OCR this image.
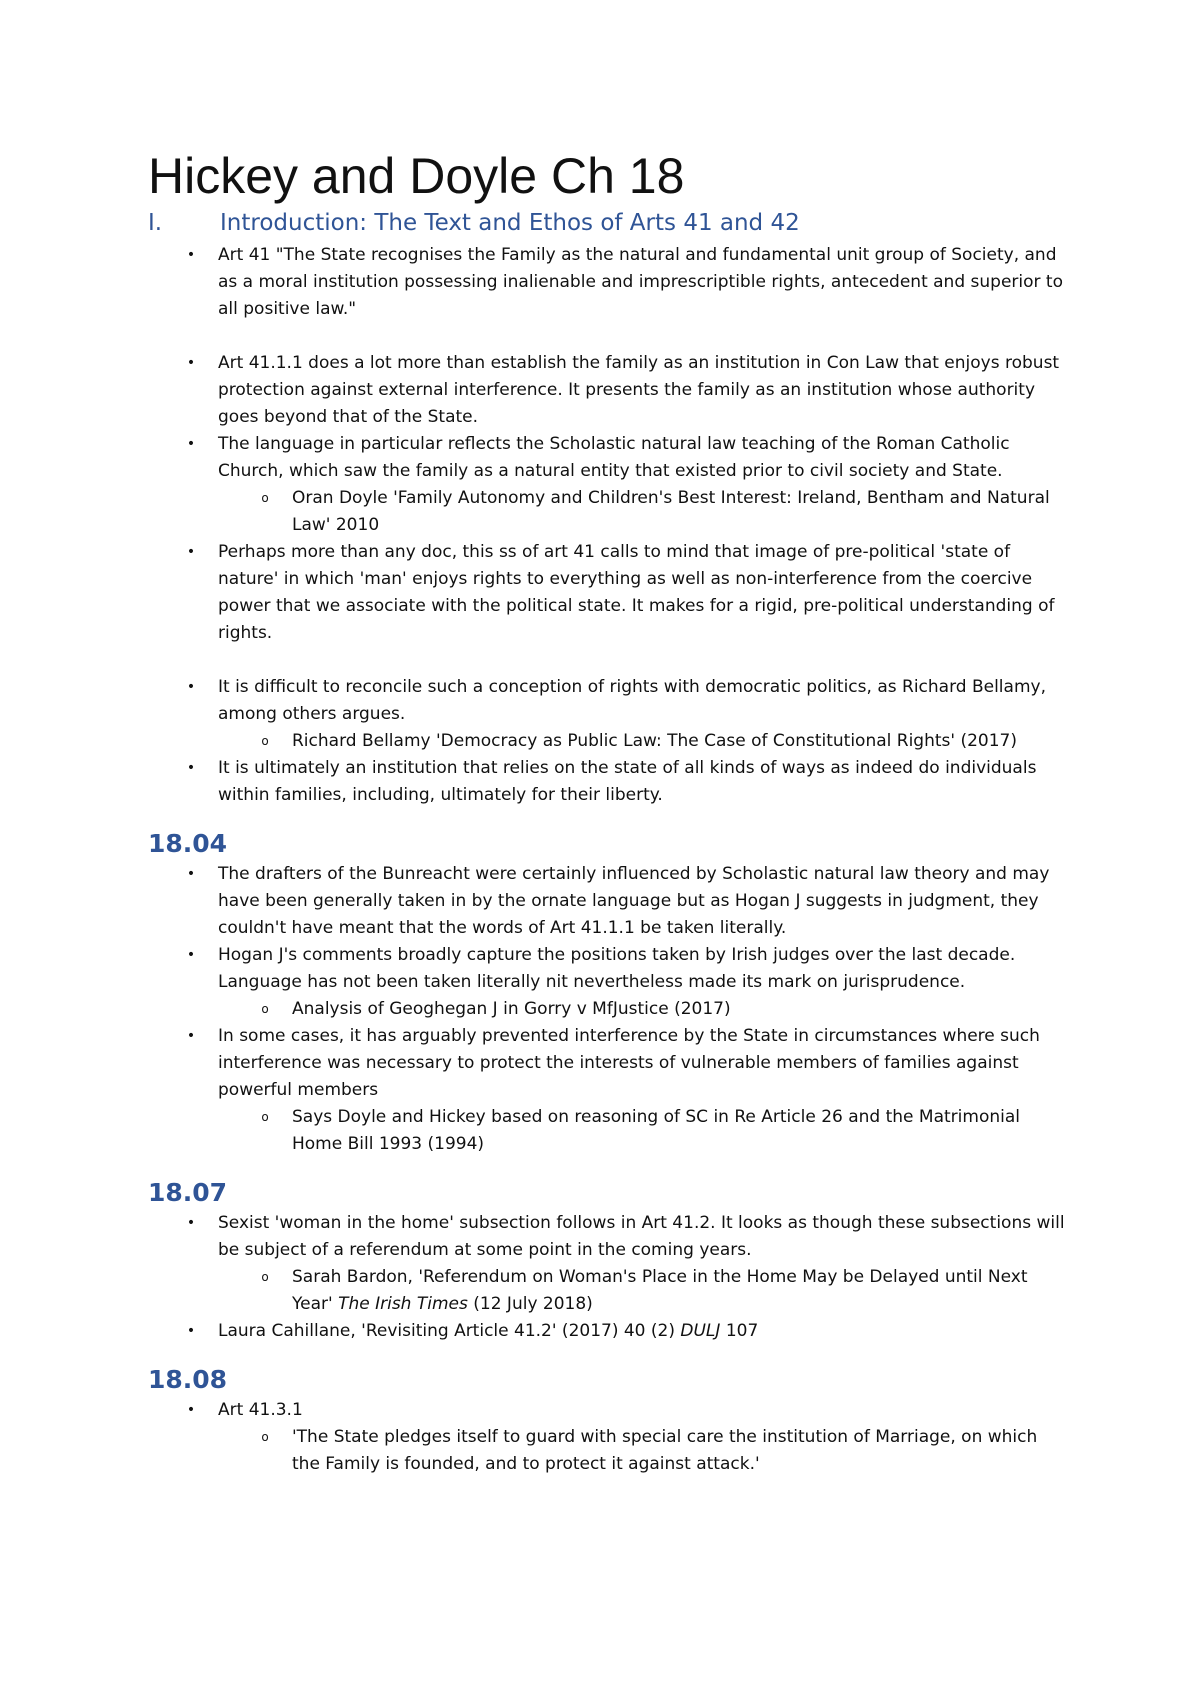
Hickey and Doyle Ch 18
I.	Introduction: The Text and Ethos of Arts 41 and 42
• Art 41 "The State recognises the Family as the natural and fundamental unit group of Society, and as a moral institution possessing inalienable and imprescriptible rights, antecedent and superior to all positive law."
• Art 41.1.1 does a lot more than establish the family as an institution in Con Law that enjoys robust protection against external interference. It presents the family as an institution whose authority goes beyond that of the State.
• The language in particular reflects the Scholastic natural law teaching of the Roman Catholic Church, which saw the family as a natural entity that existed prior to civil society and State.
o Oran Doyle 'Family Autonomy and Children's Best Interest: Ireland, Bentham and Natural Law' 2010
• Perhaps more than any doc, this ss of art 41 calls to mind that image of pre-political 'state of nature' in which 'man' enjoys rights to everything as well as non-interference from the coercive power that we associate with the political state. It makes for a rigid, pre-political understanding of rights.
• It is difficult to reconcile such a conception of rights with democratic politics, as Richard Bellamy, among others argues.
o Richard Bellamy 'Democracy as Public Law: The Case of Constitutional Rights' (2017)
• It is ultimately an institution that relies on the state of all kinds of ways as indeed do individuals within families, including, ultimately for their liberty.
18.04
• The drafters of the Bunreacht were certainly influenced by Scholastic natural law theory and may have been generally taken in by the ornate language but as Hogan J suggests in judgment, they couldn't have meant that the words of Art 41.1.1 be taken literally.
• Hogan J's comments broadly capture the positions taken by Irish judges over the last decade. Language has not been taken literally nit nevertheless made its mark on jurisprudence.
o Analysis of Geoghegan J in Gorry v MfJustice (2017)
• In some cases, it has arguably prevented interference by the State in circumstances where such interference was necessary to protect the interests of vulnerable members of families against powerful members
o Says Doyle and Hickey based on reasoning of SC in Re Article 26 and the Matrimonial Home Bill 1993 (1994)
18.07
• Sexist 'woman in the home' subsection follows in Art 41.2. It looks as though these subsections will be subject of a referendum at some point in the coming years.
o Sarah Bardon, 'Referendum on Woman's Place in the Home May be Delayed until Next Year' The Irish Times (12 July 2018)
• Laura Cahillane, 'Revisiting Article 41.2' (2017) 40 (2) DULJ 107
18.08
• Art 41.3.1
o 'The State pledges itself to guard with special care the institution of Marriage, on which the Family is founded, and to protect it against attack.'
